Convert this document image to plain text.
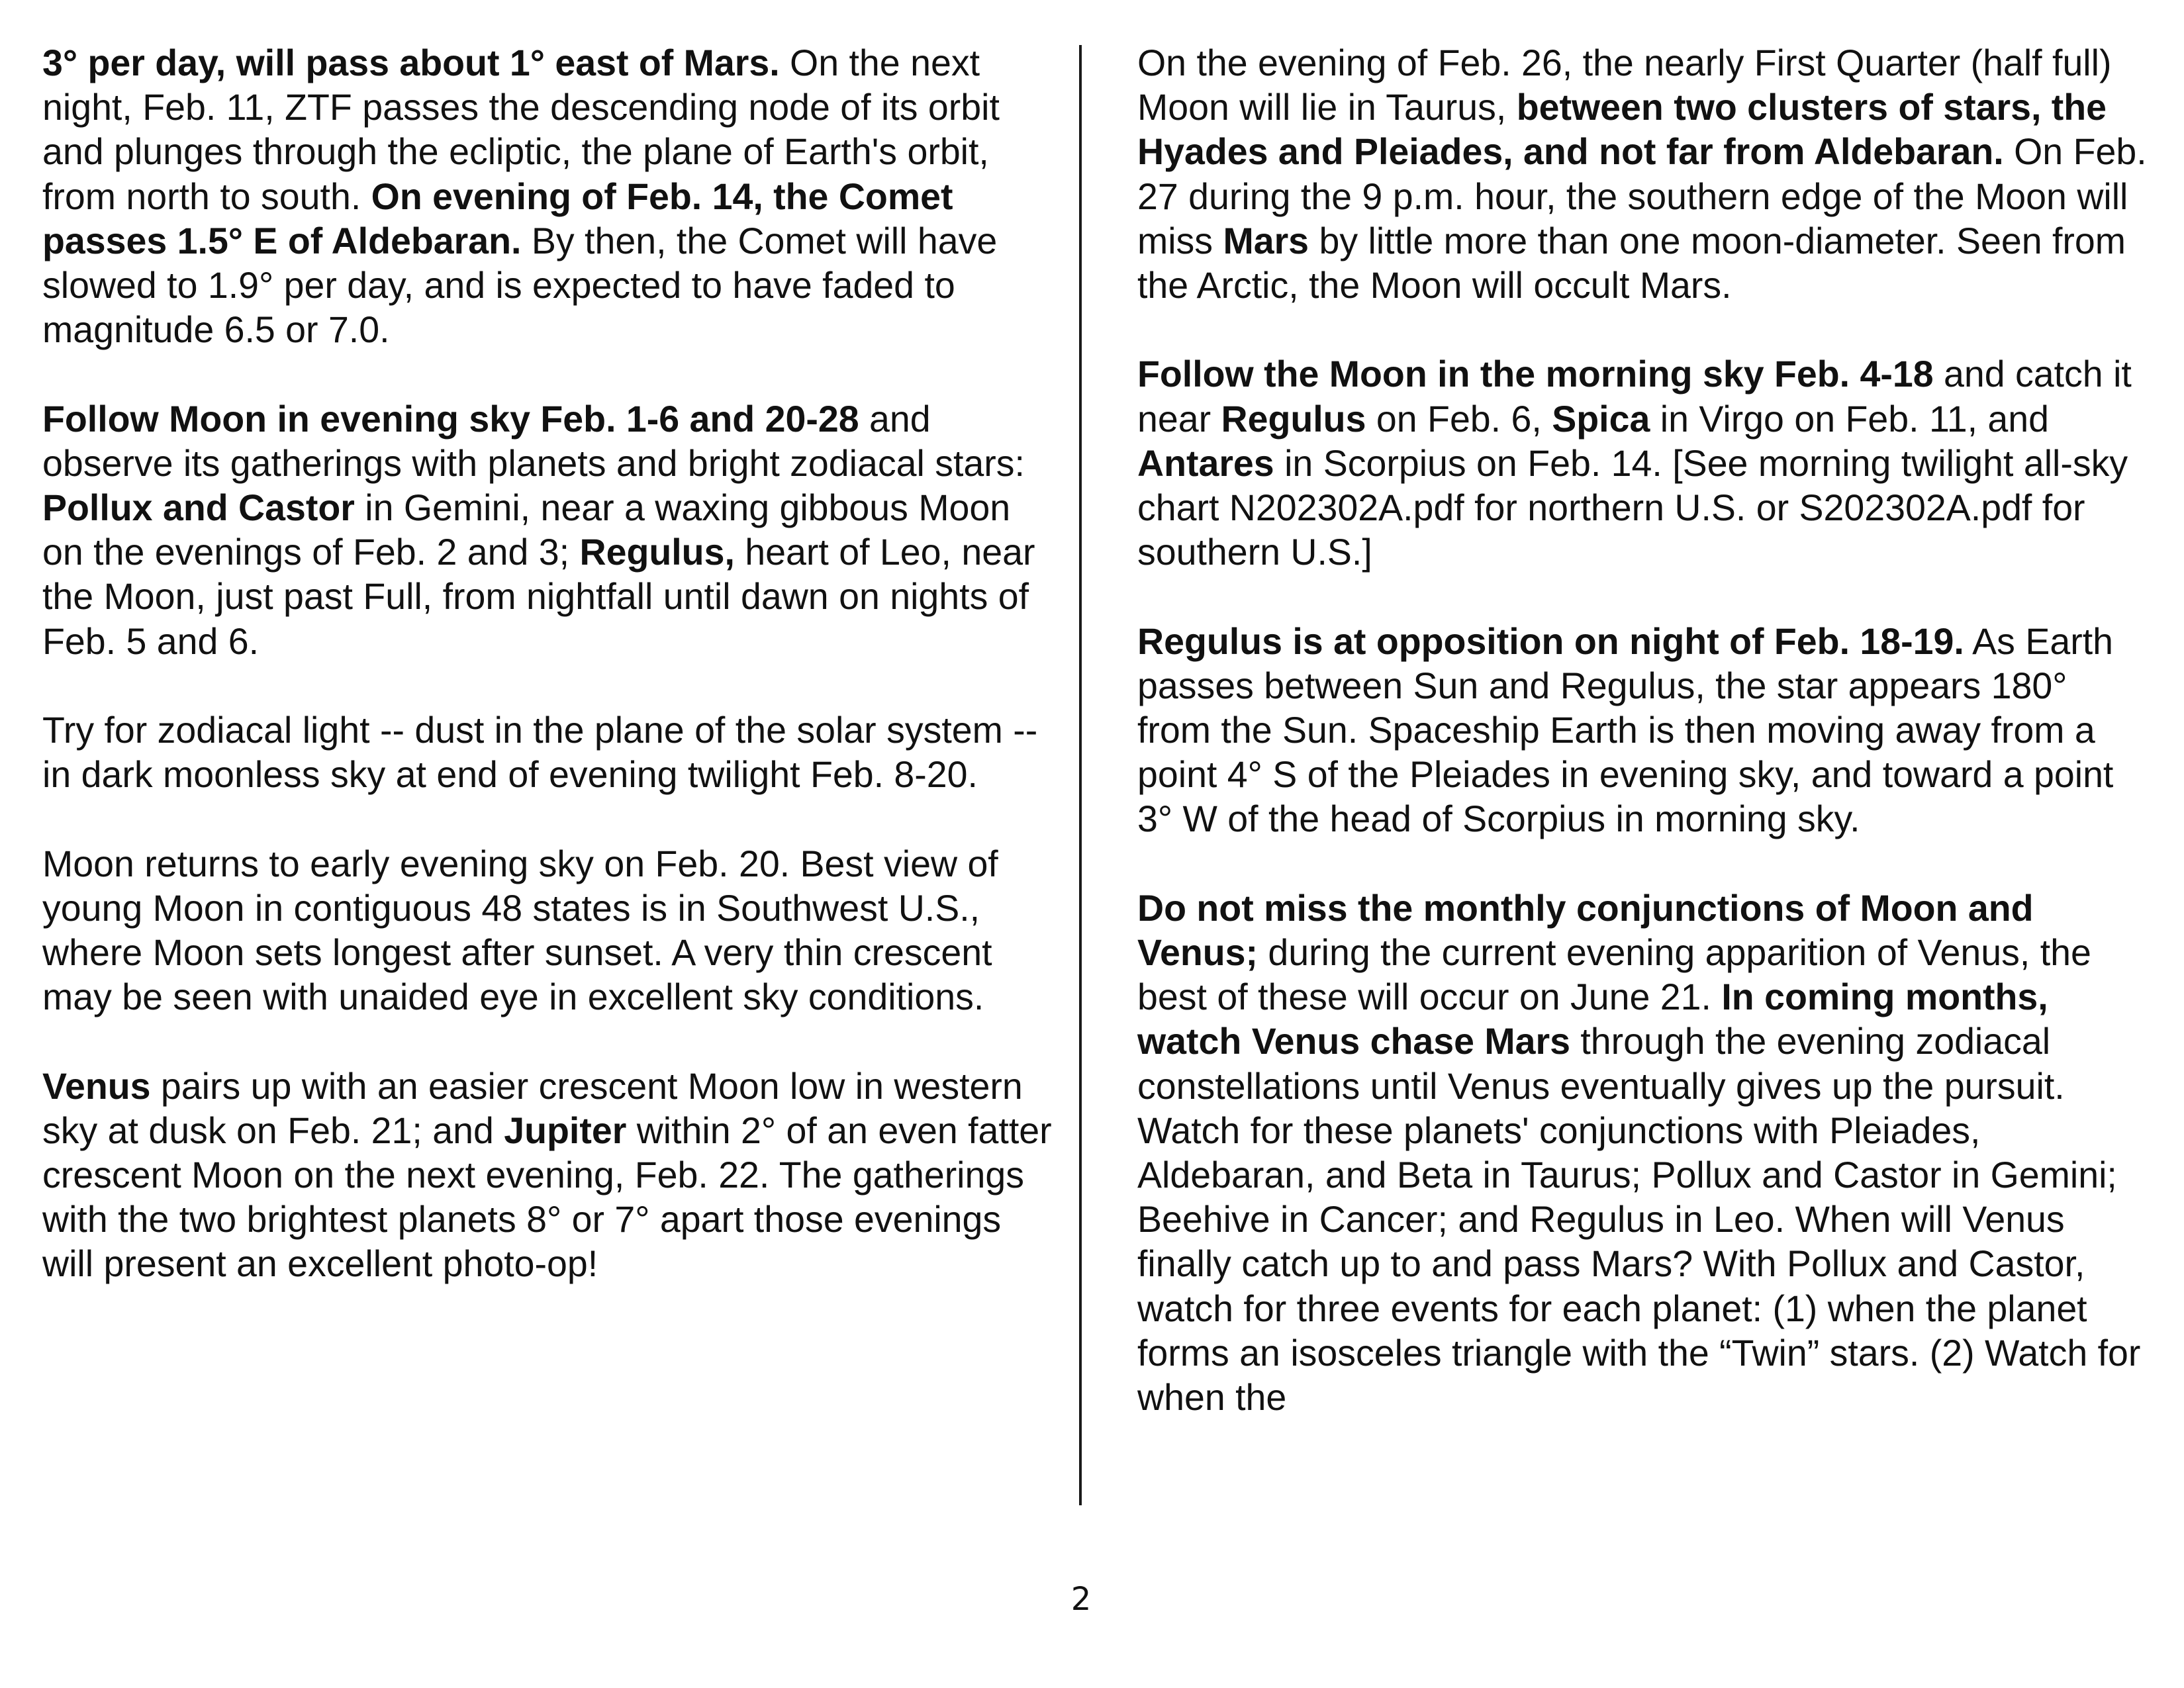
3° per day, will pass about 1° east of Mars. On the next night, Feb. 11, ZTF passes the descending node of its orbit and plunges through the ecliptic, the plane of Earth's orbit, from north to south. On evening of Feb. 14, the Comet passes 1.5° E of Aldebaran. By then, the Comet will have slowed to 1.9° per day, and is expected to have faded to magnitude 6.5 or 7.0.

Follow Moon in evening sky Feb. 1-6 and 20-28 and observe its gatherings with planets and bright zodiacal stars: Pollux and Castor in Gemini, near a waxing gibbous Moon on the evenings of Feb. 2 and 3; Regulus, heart of Leo, near the Moon, just past Full, from nightfall until dawn on nights of Feb. 5 and 6.

Try for zodiacal light -- dust in the plane of the solar system -- in dark moonless sky at end of evening twilight Feb. 8-20.

Moon returns to early evening sky on Feb. 20. Best view of young Moon in contiguous 48 states is in Southwest U.S., where Moon sets longest after sunset. A very thin crescent may be seen with unaided eye in excellent sky conditions.

Venus pairs up with an easier crescent Moon low in western sky at dusk on Feb. 21; and Jupiter within 2° of an even fatter crescent Moon on the next evening, Feb. 22. The gatherings with the two brightest planets 8° or 7° apart those evenings will present an excellent photo-op!

On the evening of Feb. 26, the nearly First Quarter (half full) Moon will lie in Taurus, between two clusters of stars, the Hyades and Pleiades, and not far from Aldebaran. On Feb. 27 during the 9 p.m. hour, the southern edge of the Moon will miss Mars by little more than one moon-diameter. Seen from the Arctic, the Moon will occult Mars.

Follow the Moon in the morning sky Feb. 4-18 and catch it near Regulus on Feb. 6, Spica in Virgo on Feb. 11, and Antares in Scorpius on Feb. 14. [See morning twilight all-sky chart N202302A.pdf for northern U.S. or S202302A.pdf for southern U.S.]

Regulus is at opposition on night of Feb. 18-19. As Earth passes between Sun and Regulus, the star appears 180° from the Sun. Spaceship Earth is then moving away from a point 4° S of the Pleiades in evening sky, and toward a point 3° W of the head of Scorpius in morning sky.

Do not miss the monthly conjunctions of Moon and Venus; during the current evening apparition of Venus, the best of these will occur on June 21. In coming months, watch Venus chase Mars through the evening zodiacal constellations until Venus eventually gives up the pursuit. Watch for these planets' conjunctions with Pleiades, Aldebaran, and Beta in Taurus; Pollux and Castor in Gemini; Beehive in Cancer; and Regulus in Leo. When will Venus finally catch up to and pass Mars? With Pollux and Castor, watch for three events for each planet: (1) when the planet forms an isosceles triangle with the “Twin” stars. (2) Watch for when the

2
